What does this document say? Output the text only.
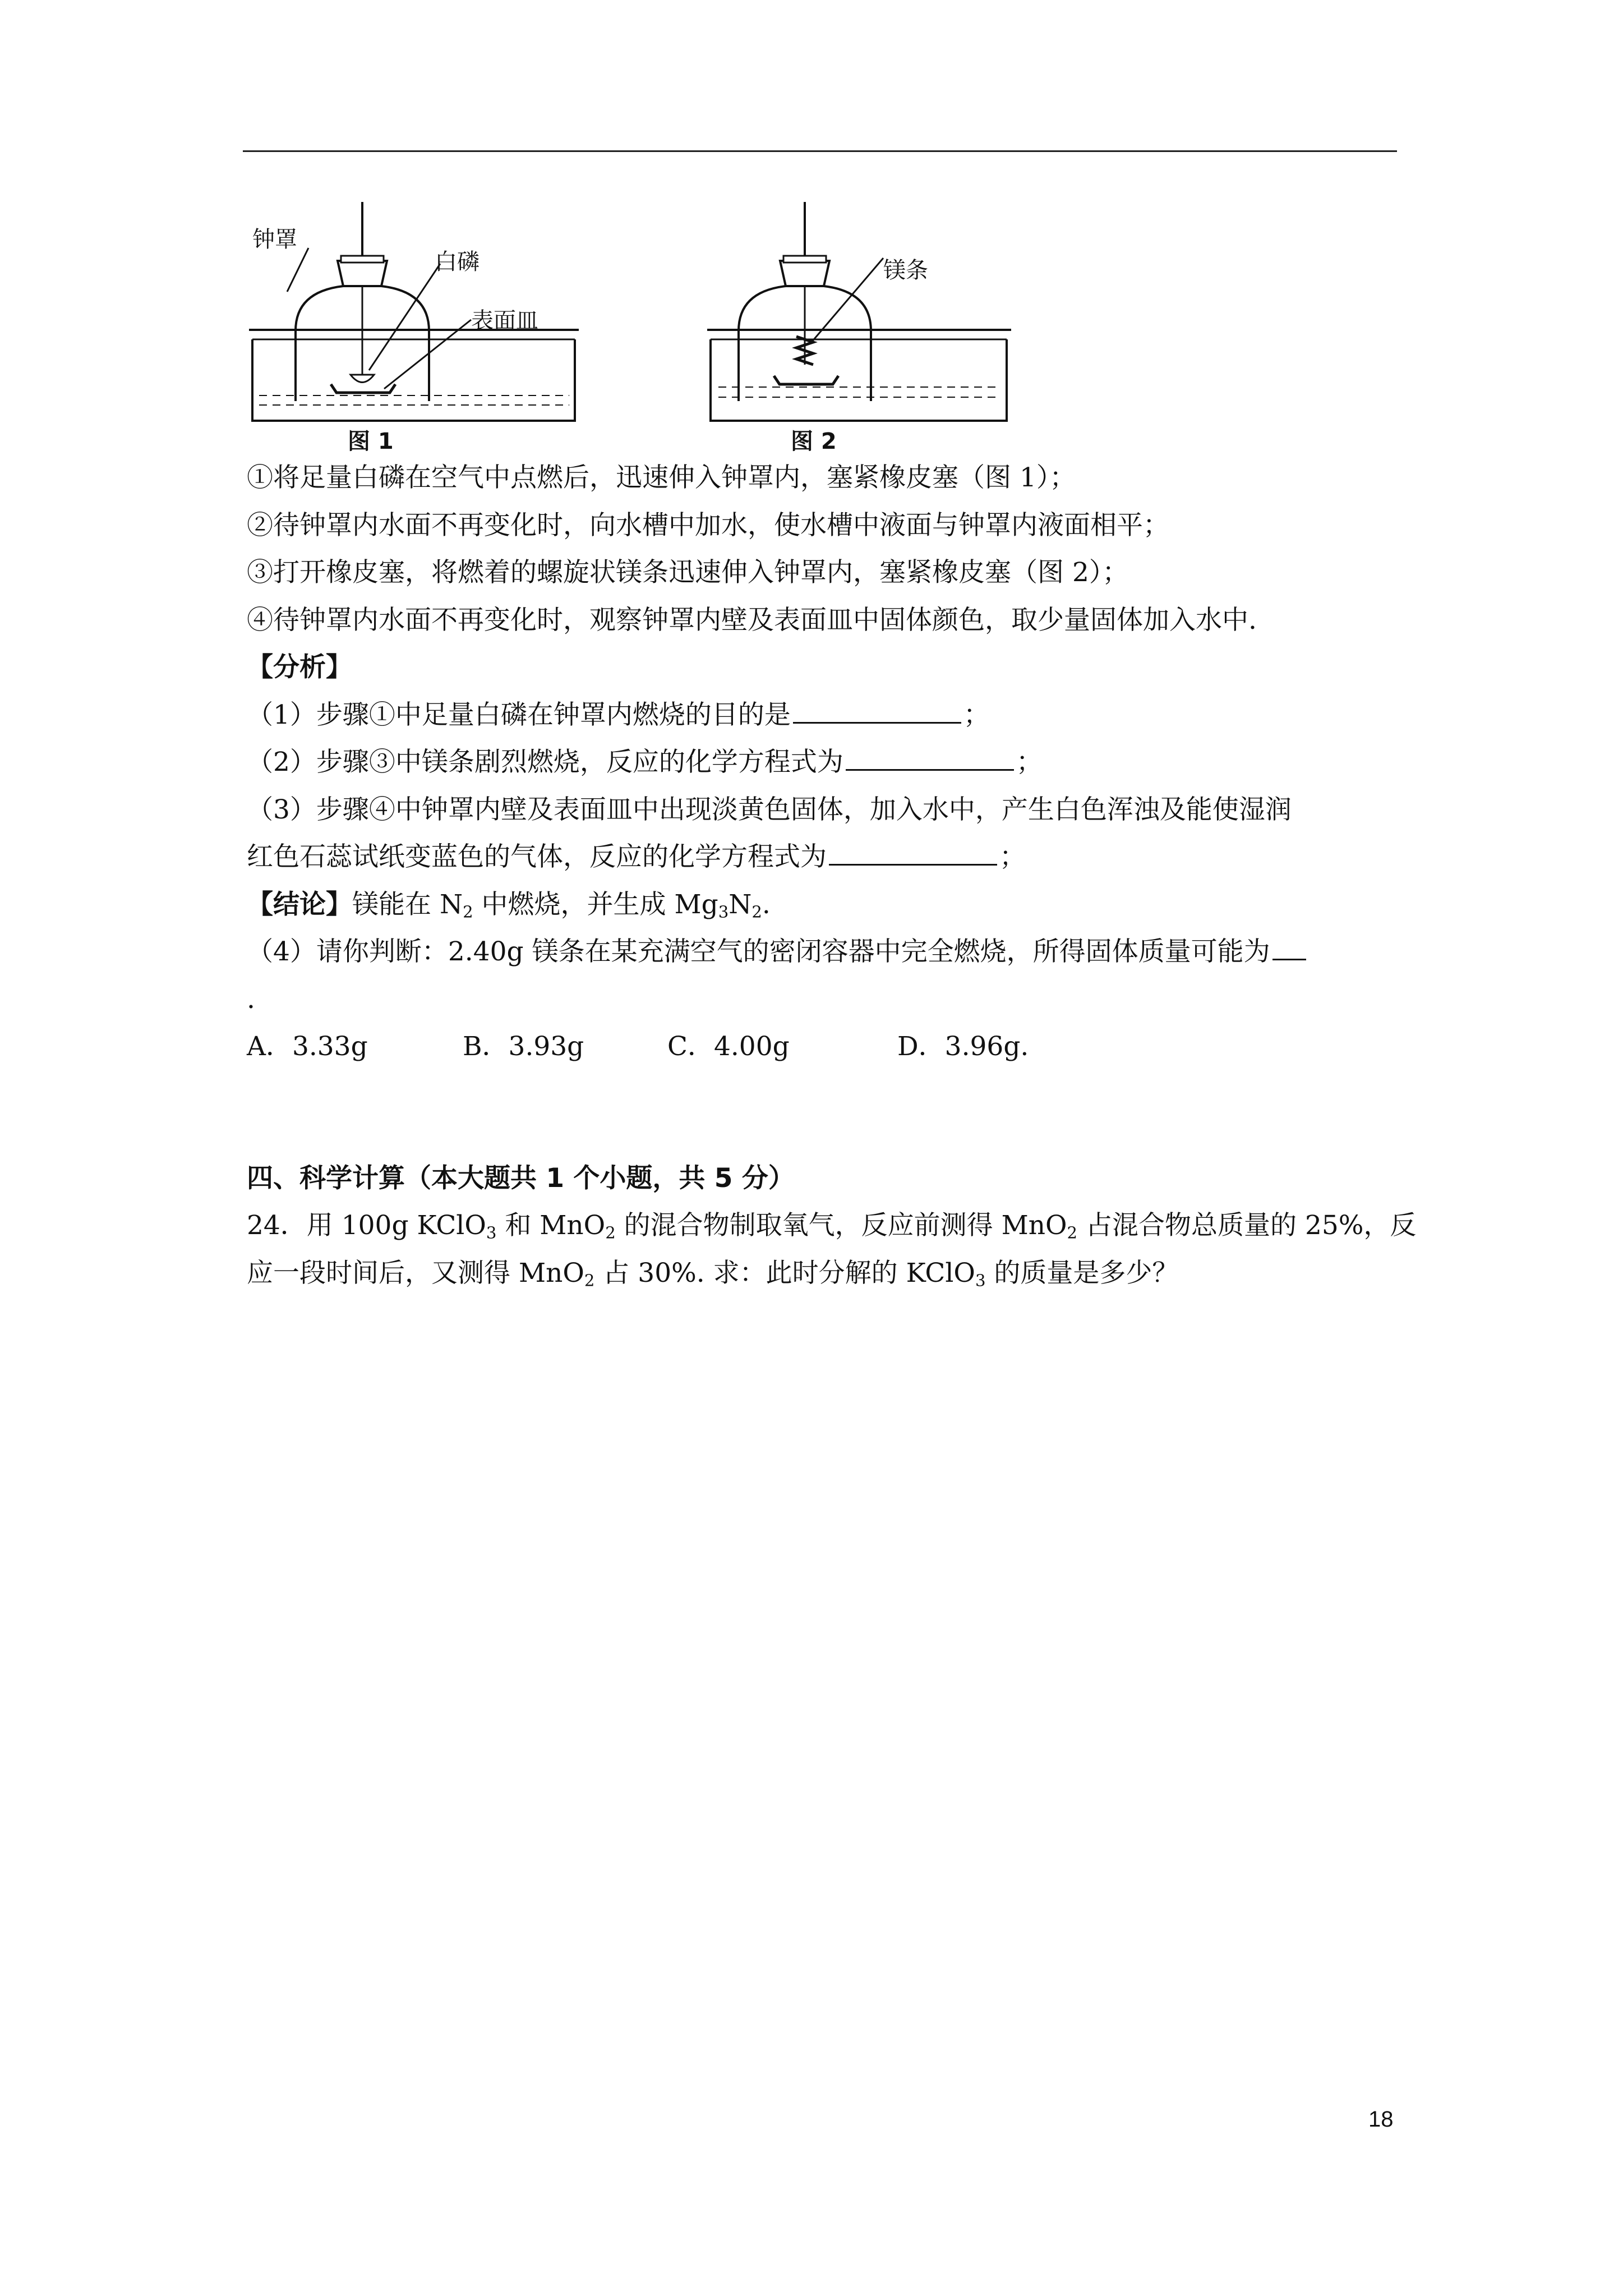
钟罩
白磷
表面皿
图 1
镁条
图 2
①将足量白磷在空气中点燃后，迅速伸入钟罩内，塞紧橡皮塞（图 1）；
②待钟罩内水面不再变化时，向水槽中加水，使水槽中液面与钟罩内液面相平；
③打开橡皮塞，将燃着的螺旋状镁条迅速伸入钟罩内，塞紧橡皮塞（图 2）；
④待钟罩内水面不再变化时，观察钟罩内壁及表面皿中固体颜色，取少量固体加入水中.
【分析】
（1）步骤①中足量白磷在钟罩内燃烧的目的是	；
（2）步骤③中镁条剧烈燃烧，反应的化学方程式为	；
（3）步骤④中钟罩内壁及表面皿中出现淡黄色固体，加入水中，产生白色浑浊及能使湿润
红色石蕊试纸变蓝色的气体，反应的化学方程式为	；
【结论】镁能在 $N_2$ 中燃烧，并生成 $Mg_3N_2$.
（4）请你判断：2.40g 镁条在某充满空气的密闭容器中完全燃烧，所得固体质量可能为
.
A．3.33g	B．3.93g	C．4.00g	D．3.96g.
四、科学计算（本大题共 1 个小题，共 5 分）
24．用 100g KClO$_3$ 和 MnO$_2$ 的混合物制取氧气，反应前测得 MnO$_2$ 占混合物总质量的 25%，反
应一段时间后，又测得 MnO$_2$ 占 30%. 求：此时分解的 KClO$_3$ 的质量是多少？
18
